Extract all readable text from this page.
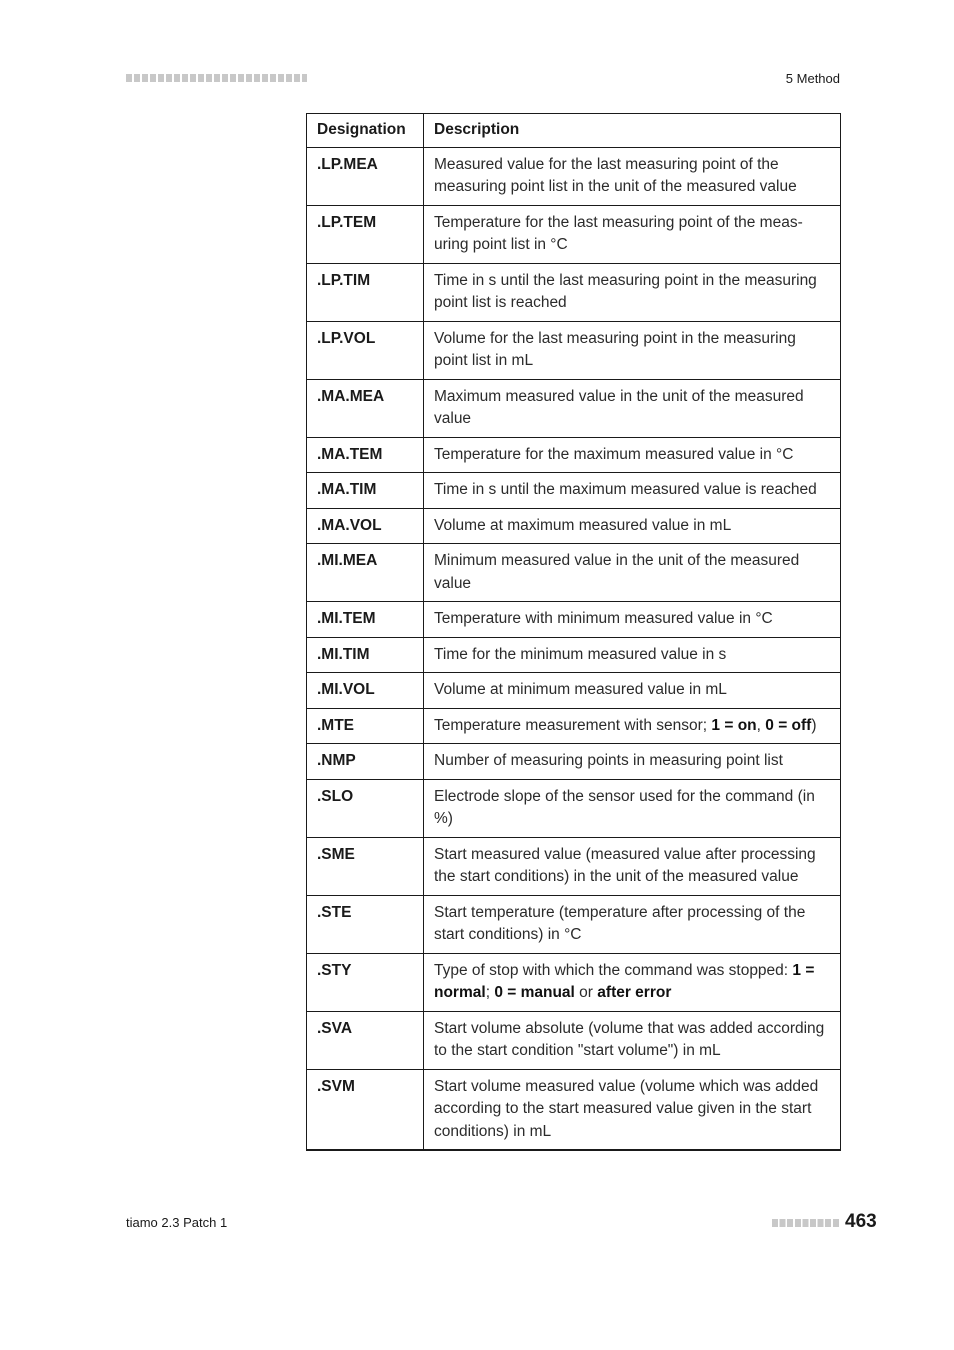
5 Method
Designation	Description
.LP.MEA	Measured value for the last measuring point of the measuring point list in the unit of the measured value
.LP.TEM	Temperature for the last measuring point of the measuring point list in °C
.LP.TIM	Time in s until the last measuring point in the measuring point list is reached
.LP.VOL	Volume for the last measuring point in the measuring point list in mL
.MA.MEA	Maximum measured value in the unit of the measured value
.MA.TEM	Temperature for the maximum measured value in °C
.MA.TIM	Time in s until the maximum measured value is reached
.MA.VOL	Volume at maximum measured value in mL
.MI.MEA	Minimum measured value in the unit of the measured value
.MI.TEM	Temperature with minimum measured value in °C
.MI.TIM	Time for the minimum measured value in s
.MI.VOL	Volume at minimum measured value in mL
.MTE	Temperature measurement with sensor; 1 = on, 0 = off)
.NMP	Number of measuring points in measuring point list
.SLO	Electrode slope of the sensor used for the command (in %)
.SME	Start measured value (measured value after processing the start conditions) in the unit of the measured value
.STE	Start temperature (temperature after processing of the start conditions) in °C
.STY	Type of stop with which the command was stopped: 1 = normal; 0 = manual or after error
.SVA	Start volume absolute (volume that was added according to the start condition "start volume") in mL
.SVM	Start volume measured value (volume which was added according to the start measured value given in the start conditions) in mL
tiamo 2.3 Patch 1	463
